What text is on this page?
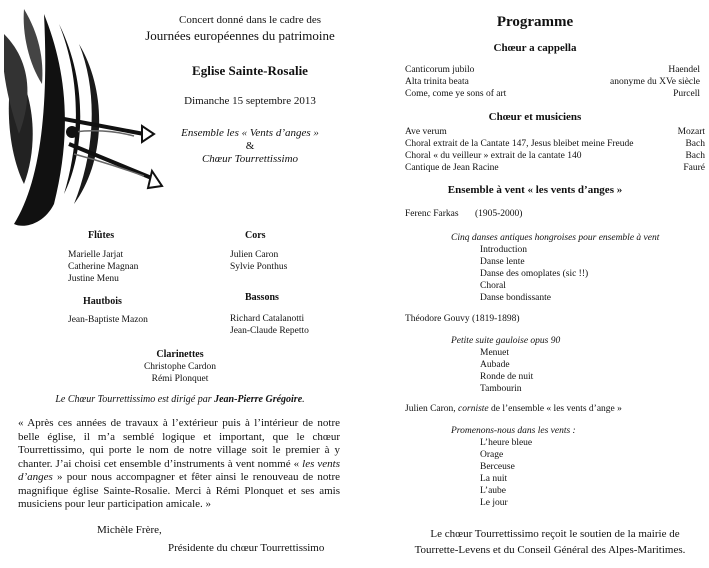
Concert donné dans le cadre des
Journées européennes du patrimoine
Eglise Sainte-Rosalie
Dimanche 15 septembre 2013
Ensemble les « Vents d’anges »
&
Chœur Tourrettissimo
Flûtes
Marielle Jarjat
Catherine Magnan
Justine Menu
Cors
Julien Caron
Sylvie Ponthus
Hautbois
Jean-Baptiste Mazon
Bassons
Richard Catalanotti
Jean-Claude Repetto
Clarinettes
Christophe Cardon
Rémi Plonquet
Le Chœur Tourrettissimo est dirigé par Jean-Pierre Grégoire.
« Après ces années de travaux à l’extérieur puis à l’intérieur de notre belle église, il m’a semblé logique et important, que le chœur Tourrettissimo, qui porte le nom de notre village soit le premier à y chanter. J’ai choisi cet ensemble d’instruments à vent nommé « les vents d’anges » pour nous accompagner et fêter ainsi le renouveau de notre magnifique église Sainte-Rosalie. Merci à Rémi Plonquet et ses amis musiciens pour leur participation amicale. »
Michèle Frère,
Présidente du chœur Tourrettissimo
Programme
Chœur a cappella
Canticorum jubilo	Haendel
Alta trinita beata	anonyme du XVe siècle
Come, come ye sons of art	Purcell
Chœur et musiciens
Ave verum	Mozart
Choral extrait de la Cantate 147, Jesus bleibet meine Freude	Bach
Choral « du veilleur » extrait de la cantate 140	Bach
Cantique de Jean Racine	Fauré
Ensemble à vent « les vents d’anges »
Ferenc Farkas (1905-2000)
Cinq danses antiques hongroises pour ensemble à vent
Introduction
Danse lente
Danse des omoplates (sic !!)
Choral
Danse bondissante
Théodore Gouvy (1819-1898)
Petite suite gauloise opus 90
Menuet
Aubade
Ronde de nuit
Tambourin
Julien Caron, corniste de l’ensemble « les vents d’ange »
Promenons-nous dans les vents :
L’heure bleue
Orage
Berceuse
La nuit
L’aube
Le jour
Le chœur Tourrettissimo reçoit le soutien de la mairie de
Tourrette-Levens et du Conseil Général des Alpes-Maritimes.
